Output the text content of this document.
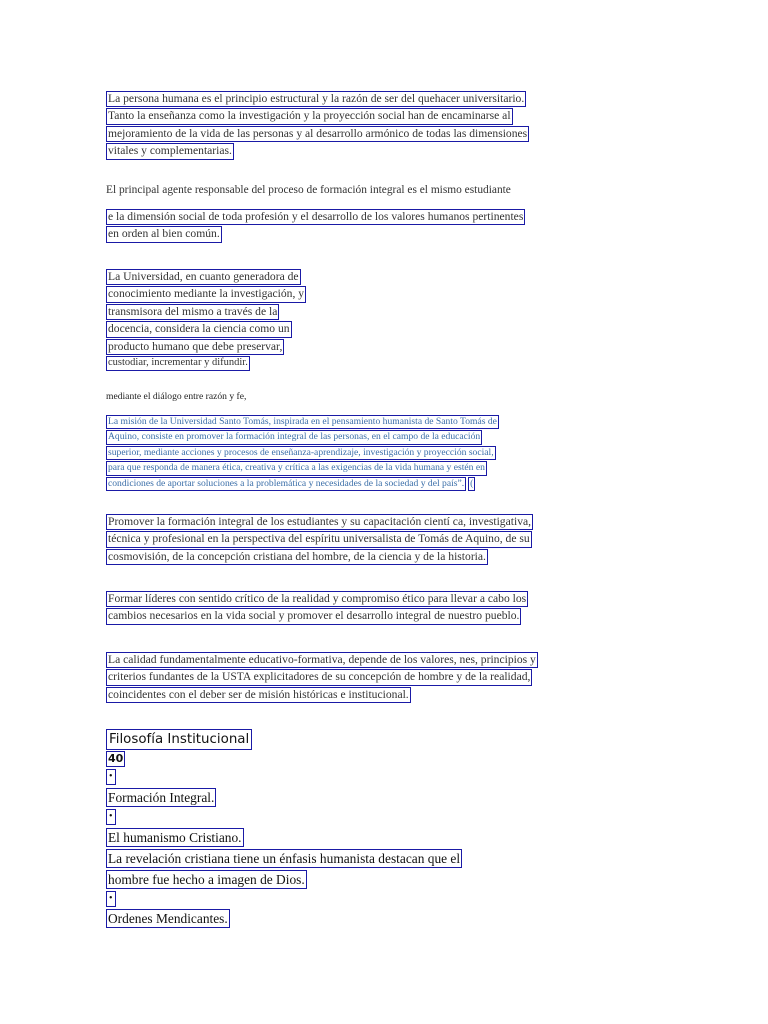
La persona humana es el principio estructural y la razón de ser del quehacer universitario.
Tanto la enseñanza como la investigación y la proyección social han de encaminarse al
mejoramiento de la vida de las personas y al desarrollo armónico de todas las dimensiones
vitales y complementarias.
El principal agente responsable del proceso de formación integral es el mismo estudiante
e la dimensión social de toda profesión y el desarrollo de los valores humanos pertinentes
en orden al bien común.
La Universidad, en cuanto generadora de
conocimiento mediante la investigación, y
transmisora del mismo a través de la
docencia, considera la ciencia como un
producto humano que debe preservar,
custodiar, incrementar y difundir.
mediante el diálogo entre razón y fe,
La misión de la Universidad Santo Tomás, inspirada en el pensamiento humanista de Santo Tomás de
Aquino, consiste en promover la formación integral de las personas, en el campo de la educación
superior, mediante acciones y procesos de enseñanza-aprendizaje, investigación y proyección social,
para que responda de manera ética, creativa y crítica a las exigencias de la vida humana y estén en
condiciones de aportar soluciones a la problemática y necesidades de la sociedad y del país”. (
Promover la formación integral de los estudiantes y su capacitación cientí ca, investigativa,
técnica y profesional en la perspectiva del espíritu universalista de Tomás de Aquino, de su
cosmovisión, de la concepción cristiana del hombre, de la ciencia y de la historia.
Formar líderes con sentido crítico de la realidad y compromiso ético para llevar a cabo los
cambios necesarios en la vida social y promover el desarrollo integral de nuestro pueblo.
La calidad fundamentalmente educativo-formativa, depende de los valores, nes, principios y
criterios fundantes de la USTA explicitadores de su concepción de hombre y de la realidad,
coincidentes con el deber ser de misión históricas e institucional.
Filosofía Institucional
40
•
Formación Integral.
•
El humanismo Cristiano.
La revelación cristiana tiene un énfasis humanista destacan que el
hombre fue hecho a imagen de Dios.
•
Ordenes Mendicantes.
